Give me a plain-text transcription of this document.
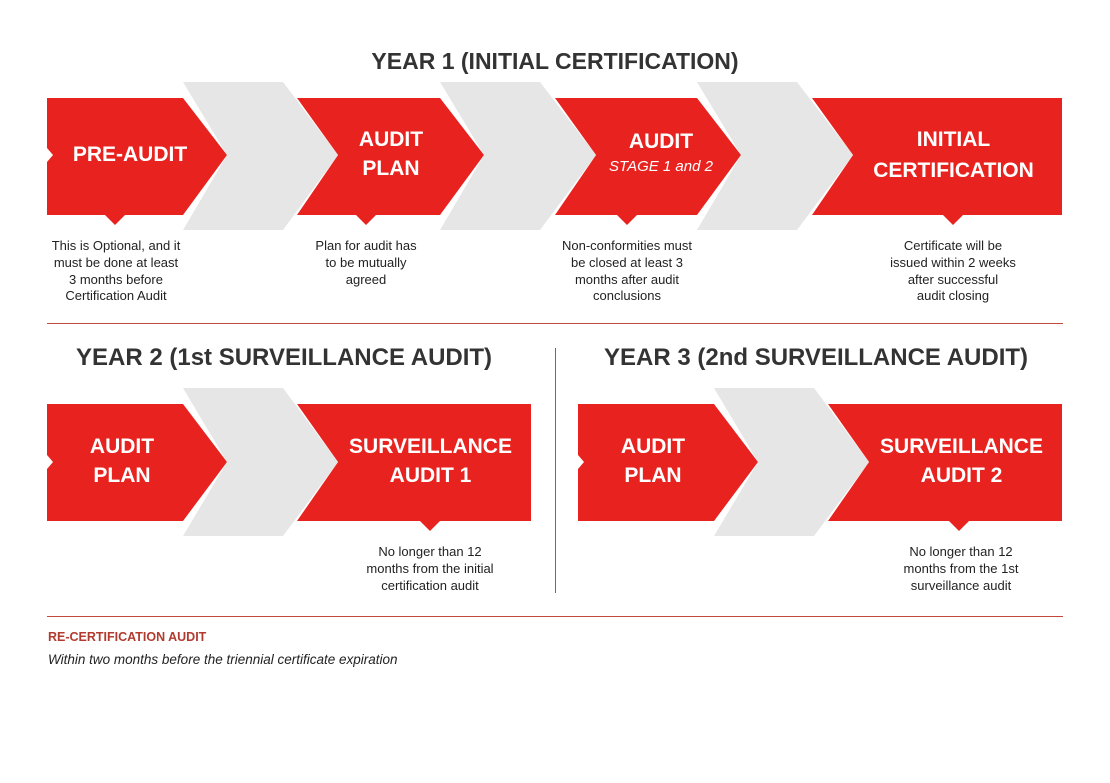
YEAR 1 (INITIAL CERTIFICATION)
PRE-AUDIT
AUDIT
PLAN
AUDIT
STAGE 1 and 2
INITIAL
CERTIFICATION
This is Optional, and it
must be done at least
3 months before
Certification Audit
Plan for audit has
to be mutually
agreed
Non-conformities must
be closed at least 3
months after audit
conclusions
Certificate will be
issued within 2 weeks
after successful
audit closing
YEAR 2 (1st SURVEILLANCE AUDIT)
AUDIT
PLAN
SURVEILLANCE
AUDIT 1
No longer than 12
months from the initial
certification audit
YEAR 3 (2nd SURVEILLANCE AUDIT)
AUDIT
PLAN
SURVEILLANCE
AUDIT 2
No longer than 12
months from the 1st
surveillance audit
RE-CERTIFICATION AUDIT
Within two months before the triennial certificate expiration
